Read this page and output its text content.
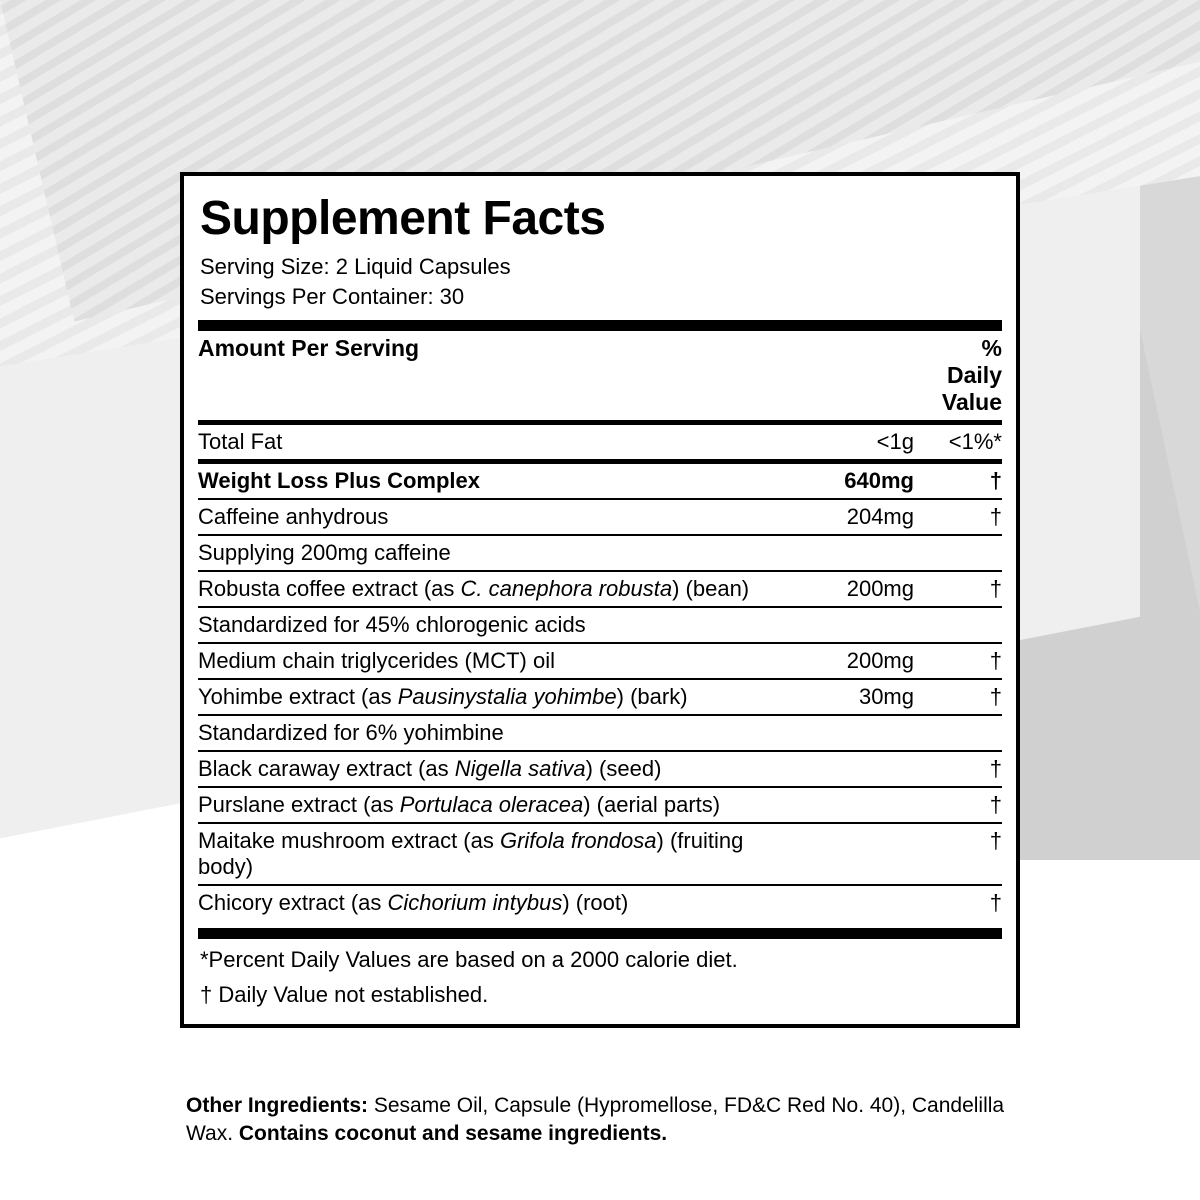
Supplement Facts
Serving Size: 2 Liquid Capsules
Servings Per Container: 30
Amount Per Serving		% Daily Value
Total Fat	<1g	<1%*
Weight Loss Plus Complex	640mg	†
Caffeine anhydrous	204mg	†
Supplying 200mg caffeine		
Robusta coffee extract (as C. canephora robusta) (bean)	200mg	†
Standardized for 45% chlorogenic acids		
Medium chain triglycerides (MCT) oil	200mg	†
Yohimbe extract (as Pausinystalia yohimbe) (bark)	30mg	†
Standardized for 6% yohimbine		
Black caraway extract (as Nigella sativa) (seed)		†
Purslane extract (as Portulaca oleracea) (aerial parts)		†
Maitake mushroom extract (as Grifola frondosa) (fruiting body)		†
Chicory extract (as Cichorium intybus) (root)		†
*Percent Daily Values are based on a 2000 calorie diet.
† Daily Value not established.
Other Ingredients: Sesame Oil, Capsule (Hypromellose, FD&C Red No. 40), Candelilla Wax. Contains coconut and sesame ingredients.
